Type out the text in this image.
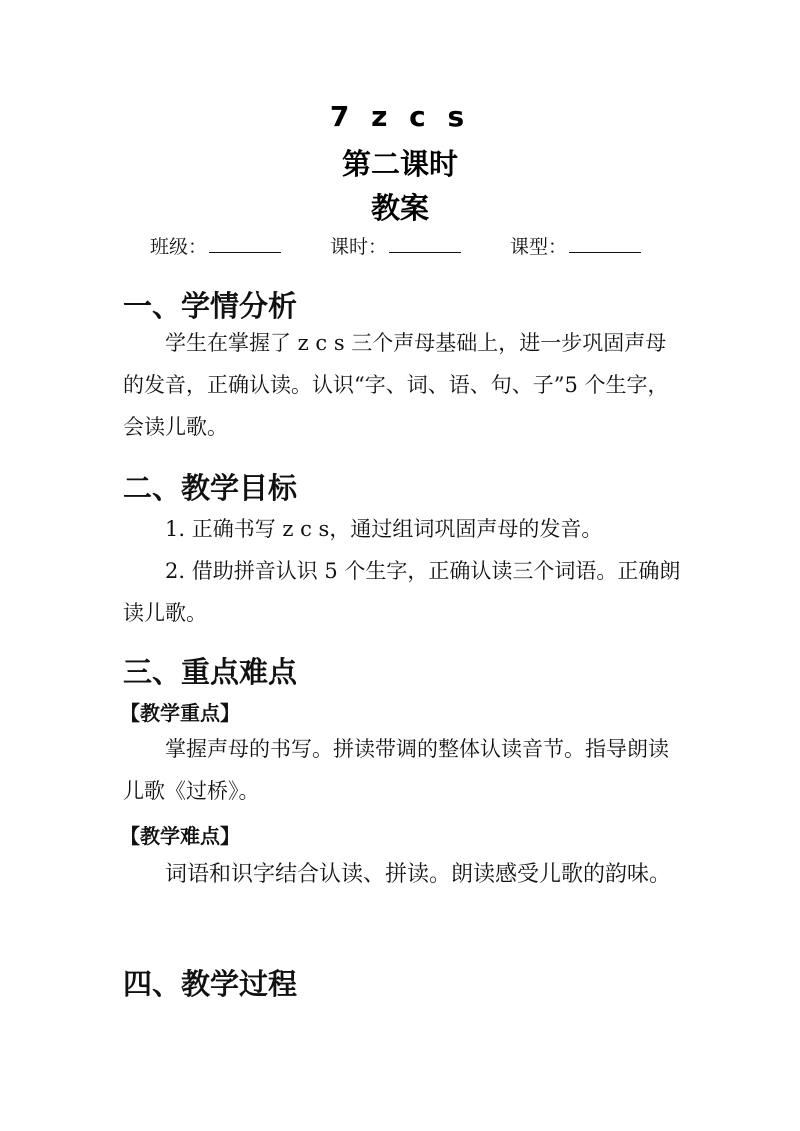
7 z c s
第二课时
教案
班级：	课时：	课型：
一、学情分析

学生在掌握了 z c s 三个声母基础上，进一步巩固声母的发音，正确认读。认识“字、词、语、句、子”5 个生字，会读儿歌。

二、教学目标

1. 正确书写 z c s，通过组词巩固声母的发音。

2. 借助拼音认识 5 个生字，正确认读三个词语。正确朗读儿歌。

三、重点难点
【教学重点】

掌握声母的书写。拼读带调的整体认读音节。指导朗读儿歌《过桥》。

【教学难点】

词语和识字结合认读、拼读。朗读感受儿歌的韵味。

四、教学过程
